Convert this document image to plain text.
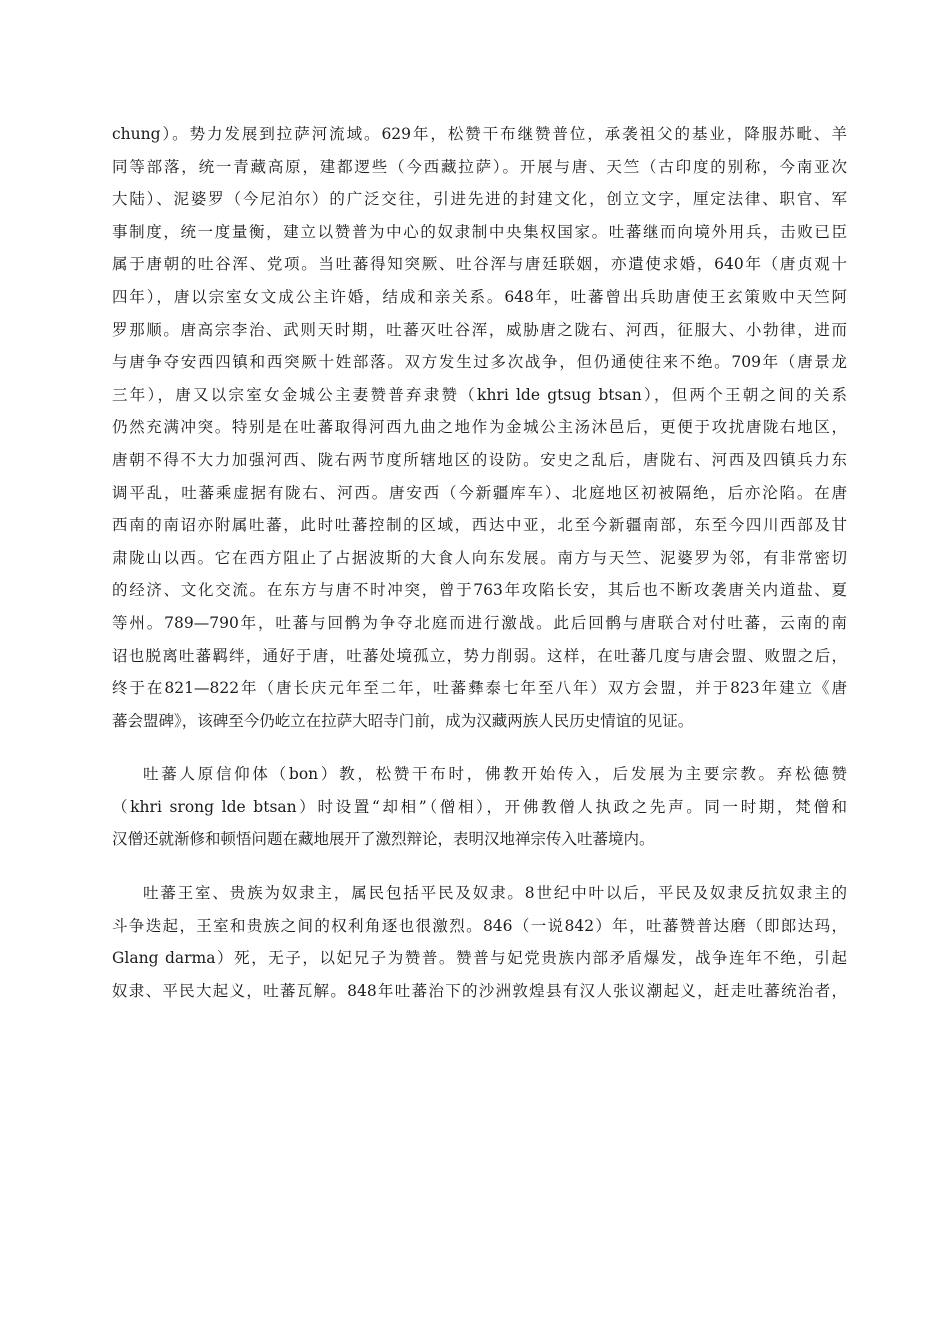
chung）。势力发展到拉萨河流域。629年，松赞干布继赞普位，承袭祖父的基业，降服苏毗、羊
同等部落，统一青藏高原，建都逻些（今西藏拉萨）。开展与唐、天竺（古印度的别称，今南亚次
大陆）、泥婆罗（今尼泊尔）的广泛交往，引进先进的封建文化，创立文字，厘定法律、职官、军
事制度，统一度量衡，建立以赞普为中心的奴隶制中央集权国家。吐蕃继而向境外用兵，击败已臣
属于唐朝的吐谷浑、党项。当吐蕃得知突厥、吐谷浑与唐廷联姻，亦遣使求婚，640年（唐贞观十
四年），唐以宗室女文成公主许婚，结成和亲关系。648年，吐蕃曾出兵助唐使王玄策败中天竺阿
罗那顺。唐高宗李治、武则天时期，吐蕃灭吐谷浑，威胁唐之陇右、河西，征服大、小勃律，进而
与唐争夺安西四镇和西突厥十姓部落。双方发生过多次战争，但仍通使往来不绝。709年（唐景龙
三年），唐又以宗室女金城公主妻赞普弃隶赞（khri lde gtsug btsan），但两个王朝之间的关系
仍然充满冲突。特别是在吐蕃取得河西九曲之地作为金城公主汤沐邑后，更便于攻扰唐陇右地区，
唐朝不得不大力加强河西、陇右两节度所辖地区的设防。安史之乱后，唐陇右、河西及四镇兵力东
调平乱，吐蕃乘虚据有陇右、河西。唐安西（今新疆库车）、北庭地区初被隔绝，后亦沦陷。在唐
西南的南诏亦附属吐蕃，此时吐蕃控制的区域，西达中亚，北至今新疆南部，东至今四川西部及甘
肃陇山以西。它在西方阻止了占据波斯的大食人向东发展。南方与天竺、泥婆罗为邻，有非常密切
的经济、文化交流。在东方与唐不时冲突，曾于763年攻陷长安，其后也不断攻袭唐关内道盐、夏
等州。789—790年，吐蕃与回鹘为争夺北庭而进行激战。此后回鹘与唐联合对付吐蕃，云南的南
诏也脱离吐蕃羁绊，通好于唐，吐蕃处境孤立，势力削弱。这样，在吐蕃几度与唐会盟、败盟之后，
终于在821—822年（唐长庆元年至二年，吐蕃彝泰七年至八年）双方会盟，并于823年建立《唐
蕃会盟碑》，该碑至今仍屹立在拉萨大昭寺门前，成为汉藏两族人民历史情谊的见证。
吐蕃人原信仰体（bon）教，松赞干布时，佛教开始传入，后发展为主要宗教。弃松德赞
（khri srong lde btsan）时设置“却相”（僧相），开佛教僧人执政之先声。同一时期，梵僧和
汉僧还就渐修和顿悟问题在藏地展开了激烈辩论，表明汉地禅宗传入吐蕃境内。
吐蕃王室、贵族为奴隶主，属民包括平民及奴隶。8世纪中叶以后，平民及奴隶反抗奴隶主的
斗争迭起，王室和贵族之间的权利角逐也很激烈。846（一说842）年，吐蕃赞普达磨（即郎达玛，
Glang darma）死，无子，以妃兄子为赞普。赞普与妃党贵族内部矛盾爆发，战争连年不绝，引起
奴隶、平民大起义，吐蕃瓦解。848年吐蕃治下的沙洲敦煌县有汉人张议潮起义，赶走吐蕃统治者，
